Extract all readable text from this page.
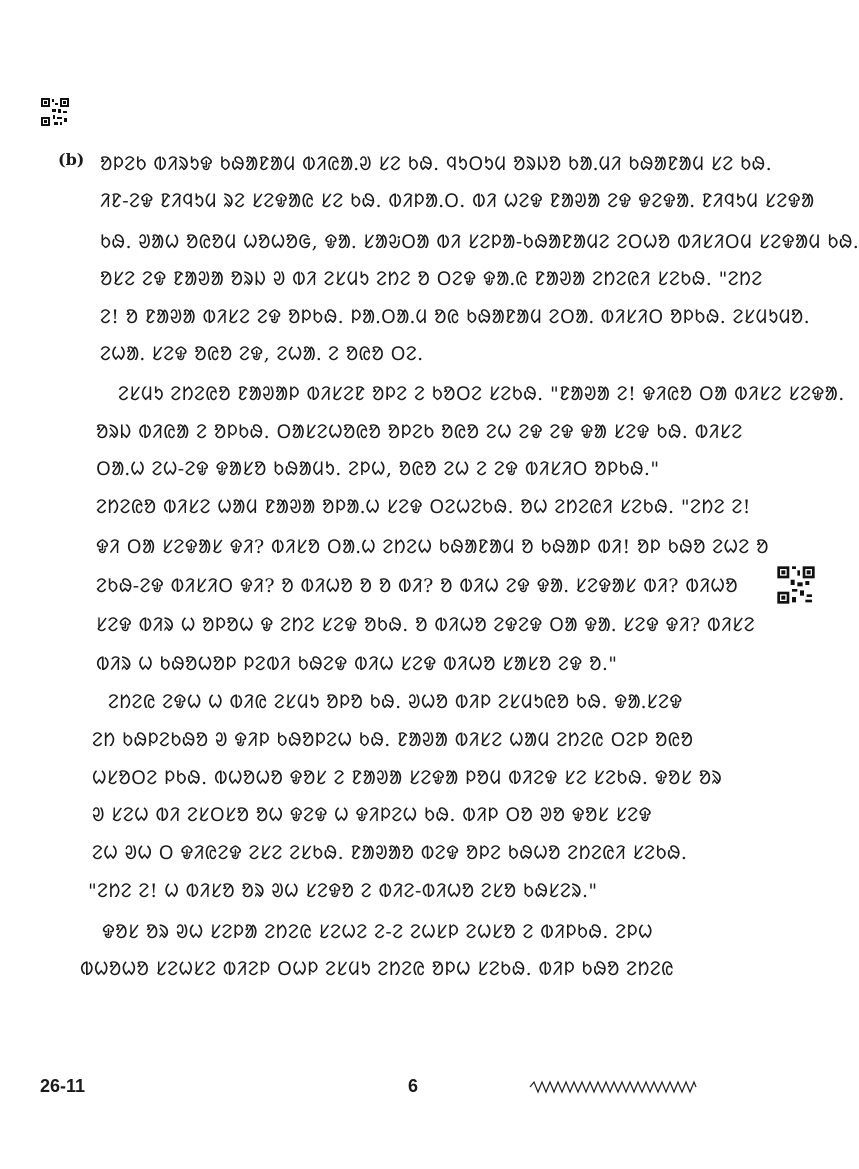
(b) ᱚᱞᱮᱠ ᱵᱤᱨᱩᱫ ᱠᱷᱟᱱᱟᱢ ᱵᱤᱭᱟᱹᱣ ᱥᱮ ᱠᱷ. ᱧᱩᱛᱩᱢ ᱚᱨᱡᱚ ᱠᱟᱹᱢᱤ ᱠᱷᱟᱱᱟᱢ ᱥᱮ ᱠᱷ.
ᱤᱱ-ᱮᱫ ᱱᱤᱧᱩᱢ ᱨᱮ ᱥᱮᱫᱟᱭ ᱥᱮ ᱠᱷ. ᱵᱤᱞᱟᱹᱛ. ᱵᱤ ᱦᱮᱫ ᱱᱟᱣᱟ ᱮᱫ ᱫᱮᱫᱟᱹ ᱱᱤᱧᱩᱢ ᱥᱮᱫᱟ
ᱠᱷ. ᱣᱟᱦ ᱚᱭᱚᱢ ᱦᱚᱦᱚᱜ, ᱫᱟᱹ ᱥᱟᱶᱛᱟ ᱵᱤ ᱥᱮᱞᱟ-ᱠᱷᱟᱱᱟᱢᱮ ᱮᱛᱦᱚ ᱵᱤᱥᱤᱛᱢ ᱥᱮᱫᱟᱢ ᱠᱷ.
ᱚᱥᱮ ᱮᱫ ᱱᱟᱣᱟ ᱚᱨᱡ ᱣ ᱵᱤ ᱮᱥᱢᱩ ᱮᱴᱮ ᱚ ᱛᱮᱫ ᱫᱟᱹᱭ ᱱᱟᱣᱟ ᱮᱴᱮᱭᱤ ᱥᱮᱠᱷ. "ᱮᱴᱮ
ᱮ! ᱚ ᱱᱟᱣᱟ ᱵᱤᱥᱮ ᱮᱫ ᱚᱞᱠᱷ. ᱞᱟᱹᱛᱟᱹᱢ ᱚᱭ ᱠᱷᱟᱱᱟᱢ ᱮᱛᱟᱹ ᱵᱤᱥᱤᱛ ᱚᱞᱠᱷ. ᱮᱥᱢᱩᱢᱚ.
ᱮᱦᱟᱹ ᱥᱮᱫ ᱚᱭᱚ ᱮᱫ, ᱮᱦᱟᱹ ᱮ ᱚᱭᱚ ᱛᱮ.
ᱮᱥᱢᱩ ᱮᱴᱮᱭᱚ ᱱᱟᱣᱟᱞ ᱵᱤᱥᱮᱱ ᱚᱞᱮ ᱮ ᱠᱚᱛᱮ ᱥᱮᱠᱷ. "ᱱᱟᱣᱟ ᱮ! ᱫᱤᱭᱚ ᱛᱟ ᱵᱤᱥᱮ ᱥᱮᱫᱟ.
ᱚᱨᱡ ᱵᱤᱭᱟ ᱮ ᱚᱞᱠᱷ. ᱛᱟᱥᱮᱦᱚᱭᱚ ᱚᱞᱮᱠ ᱚᱭᱚ ᱮᱦ ᱮᱫ ᱮᱫ ᱫᱟ ᱥᱮᱫ ᱠᱷ. ᱵᱤᱥᱮ
ᱛᱟᱹᱦ ᱮᱦ-ᱮᱫ ᱫᱟᱥᱚ ᱠᱷᱟᱢᱩ. ᱮᱞᱦ, ᱚᱭᱚ ᱮᱦ ᱮ ᱮᱫ ᱵᱤᱥᱤᱛ ᱚᱞᱠᱷ."
ᱮᱴᱮᱭᱚ ᱵᱤᱥᱮ ᱦᱟᱢ ᱱᱟᱣᱟ ᱚᱞᱟᱹᱦ ᱥᱮᱫ ᱛᱮᱦᱮᱠᱷ. ᱚᱦ ᱮᱴᱮᱭᱤ ᱥᱮᱠᱷ. "ᱮᱴᱮ ᱮ!
ᱫᱤ ᱛᱟ ᱥᱮᱫᱟᱥ ᱫᱤ? ᱵᱤᱥᱚ ᱛᱟᱹᱦ ᱮᱴᱮᱦ ᱠᱷᱟᱱᱟᱢ ᱚ ᱠᱷᱟᱞ ᱵᱤ! ᱚᱞ ᱠᱷᱚ ᱮᱦᱮ ᱚ
ᱮᱠᱷ-ᱮᱫ ᱵᱤᱥᱤᱛ ᱫᱤ? ᱚ ᱵᱤᱦᱚ ᱚ ᱚ ᱵᱤ? ᱚ ᱵᱤᱦ ᱮᱫ ᱫᱟᱹ ᱥᱮᱫᱟᱥ ᱵᱤ? ᱵᱤᱦᱚ
ᱥᱮᱫ ᱵᱤᱨ ᱦ ᱚᱞᱚᱦ ᱫ ᱮᱴᱮ ᱥᱮᱫ ᱚᱠᱷ. ᱚ ᱵᱤᱦᱚ ᱮᱫᱮᱫ ᱛᱟ ᱫᱟᱹ ᱥᱮᱫ ᱫᱤ? ᱵᱤᱥᱮ
ᱵᱤᱨ ᱦ ᱠᱷᱚᱦᱚᱞ ᱞᱮᱵᱤ ᱠᱷᱮᱫ ᱵᱤᱦ ᱥᱮᱫ ᱵᱤᱦᱚ ᱥᱟᱥᱚ ᱮᱫ ᱚ."
ᱮᱴᱮᱭ ᱮᱫᱦ ᱦ ᱵᱤᱭ ᱮᱥᱢᱩ ᱚᱞᱚ ᱠᱷ. ᱣᱦᱚ ᱵᱤᱞ ᱮᱥᱢᱩᱭᱚ ᱠᱷ. ᱫᱟᱹᱥᱮᱫ
ᱮᱴ ᱠᱷᱞᱮᱠᱷᱚ ᱣ ᱫᱤᱞ ᱠᱷᱚᱞᱮᱦ ᱠᱷ. ᱱᱟᱣᱟ ᱵᱤᱥᱮ ᱦᱟᱢ ᱮᱴᱮᱭ ᱛᱮᱞ ᱚᱭᱚ
ᱦᱥᱚᱛᱮ ᱞᱠᱷ. ᱵᱦᱚᱦᱚ ᱫᱚᱥ ᱮ ᱱᱟᱣᱟ ᱥᱮᱫᱟ ᱞᱚᱢ ᱵᱤᱮᱫ ᱥᱮ ᱥᱮᱠᱷ. ᱫᱚᱥ ᱚᱨ
ᱣ ᱥᱮᱦ ᱵᱤ ᱮᱥᱛᱥᱚ ᱚᱦ ᱫᱮᱫ ᱦ ᱫᱤᱞᱮᱦ ᱠᱷ. ᱵᱤᱞ ᱛᱚ ᱣᱚ ᱫᱚᱥ ᱥᱮᱫ
ᱮᱦ ᱣᱦ ᱛ ᱫᱤᱭᱮᱫ ᱮᱥᱮ ᱮᱥᱠᱷ. ᱱᱟᱣᱟᱚ ᱵᱮᱫ ᱚᱞᱮ ᱠᱷᱦᱚ ᱮᱴᱮᱭᱤ ᱥᱮᱠᱷ.
"ᱮᱴᱮ ᱮ! ᱦ ᱵᱤᱥᱚ ᱚᱨ ᱣᱦ ᱥᱮᱫᱚ ᱮ ᱵᱤᱮ-ᱵᱤᱦᱚ ᱮᱥᱚ ᱠᱷᱥᱮᱨ."
ᱫᱚᱥ ᱚᱨ ᱣᱦ ᱥᱮᱞᱟ ᱮᱴᱮᱭ ᱥᱮᱦᱮ ᱮ-ᱮ ᱮᱦᱥᱞ ᱮᱦᱥᱚ ᱮ ᱵᱤᱞᱠᱷ. ᱮᱞᱦ
ᱵᱦᱚᱦᱚ ᱥᱮᱦᱥᱮ ᱵᱤᱮᱞ ᱛᱦᱞ ᱮᱥᱢᱩ ᱮᱴᱮᱭ ᱚᱞᱦ ᱥᱮᱠᱷ. ᱵᱤᱞ ᱠᱷᱚ ᱮᱴᱮᱭ
26-11	6
